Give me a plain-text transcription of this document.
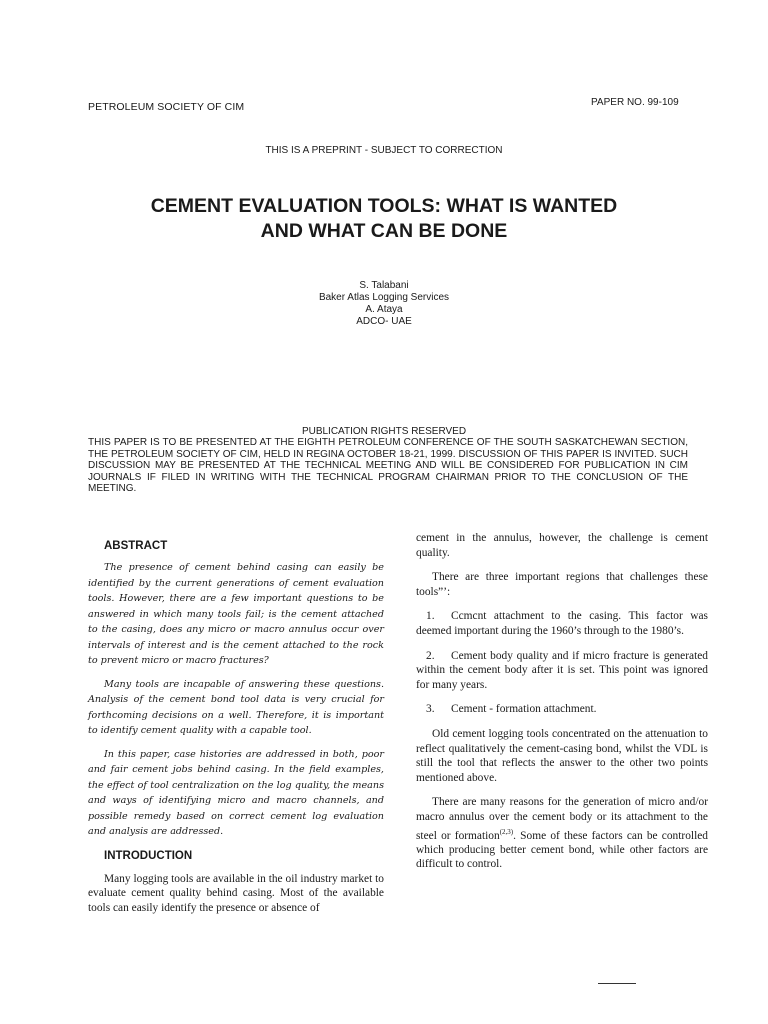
PETROLEUM SOCIETY OF CIM	PAPER NO. 99-109
THIS IS A PREPRINT - SUBJECT TO CORRECTION
CEMENT EVALUATION TOOLS: WHAT IS WANTED
AND WHAT CAN BE DONE
S. Talabani
Baker Atlas Logging Services
A. Ataya
ADCO- UAE
PUBLICATION RIGHTS RESERVED
THIS PAPER IS TO BE PRESENTED AT THE EIGHTH PETROLEUM CONFERENCE OF THE SOUTH SASKATCHEWAN SECTION, THE PETROLEUM SOCIETY OF CIM, HELD IN REGINA OCTOBER 18-21, 1999. DISCUSSION OF THIS PAPER IS INVITED. SUCH DISCUSSION MAY BE PRESENTED AT THE TECHNICAL MEETING AND WILL BE CONSIDERED FOR PUBLICATION IN CIM JOURNALS IF FILED IN WRITING WITH THE TECHNICAL PROGRAM CHAIRMAN PRIOR TO THE CONCLUSION OF THE MEETING.
ABSTRACT

The presence of cement behind casing can easily be identified by the current generations of cement evaluation tools. However, there are a few important questions to be answered in which many tools fail; is the cement attached to the casing, does any micro or macro annulus occur over intervals of interest and is the cement attached to the rock to prevent micro or macro fractures?

Many tools are incapable of answering these questions. Analysis of the cement bond tool data is very crucial for forthcoming decisions on a well. Therefore, it is important to identify cement quality with a capable tool.

In this paper, case histories are addressed in both, poor and fair cement jobs behind casing. In the field examples, the effect of tool centralization on the log quality, the means and ways of identifying micro and macro channels, and possible remedy based on correct cement log evaluation and analysis are addressed.

INTRODUCTION

Many logging tools are available in the oil industry market to evaluate cement quality behind casing. Most of the available tools can easily identify the presence or absence of

cement in the annulus, however, the challenge is cement quality.

There are three important regions that challenges these tools”’:

1. Ccmcnt attachment to the casing. This factor was deemed important during the 1960’s through to the 1980’s.

2. Cement body quality and if micro fracture is generated within the cement body after it is set. This point was ignored for many years.

3. Cement - formation attachment.

Old cement logging tools concentrated on the attenuation to reflect qualitatively the cement-casing bond, whilst the VDL is still the tool that reflects the answer to the other two points mentioned above.

There are many reasons for the generation of micro and/or macro annulus over the cement body or its attachment to the steel or formation$^{(2,3)}$. Some of these factors can be controlled which producing better cement bond, while other factors are difficult to control.
